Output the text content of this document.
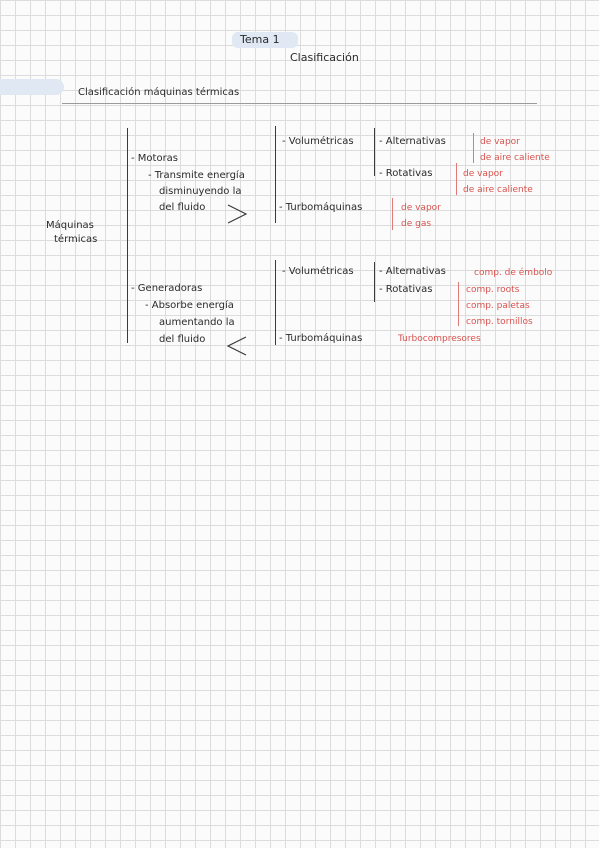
Tema 1
Clasificación
Clasificación máquinas térmicas
Máquinas
térmicas
- Motoras
- Transmite energía
disminuyendo la
del fluido
- Volumétricas	- Alternativas	de vapor
de aire caliente
- Rotativas	de vapor
de aire caliente
- Turbomáquinas	de vapor
de gas
- Generadoras
- Absorbe energía
aumentando la
del fluido
- Volumétricas	- Alternativas	comp. de émbolo
- Rotativas	comp. roots
comp. paletas
comp. tornillos
- Turbomáquinas	Turbocompresores
